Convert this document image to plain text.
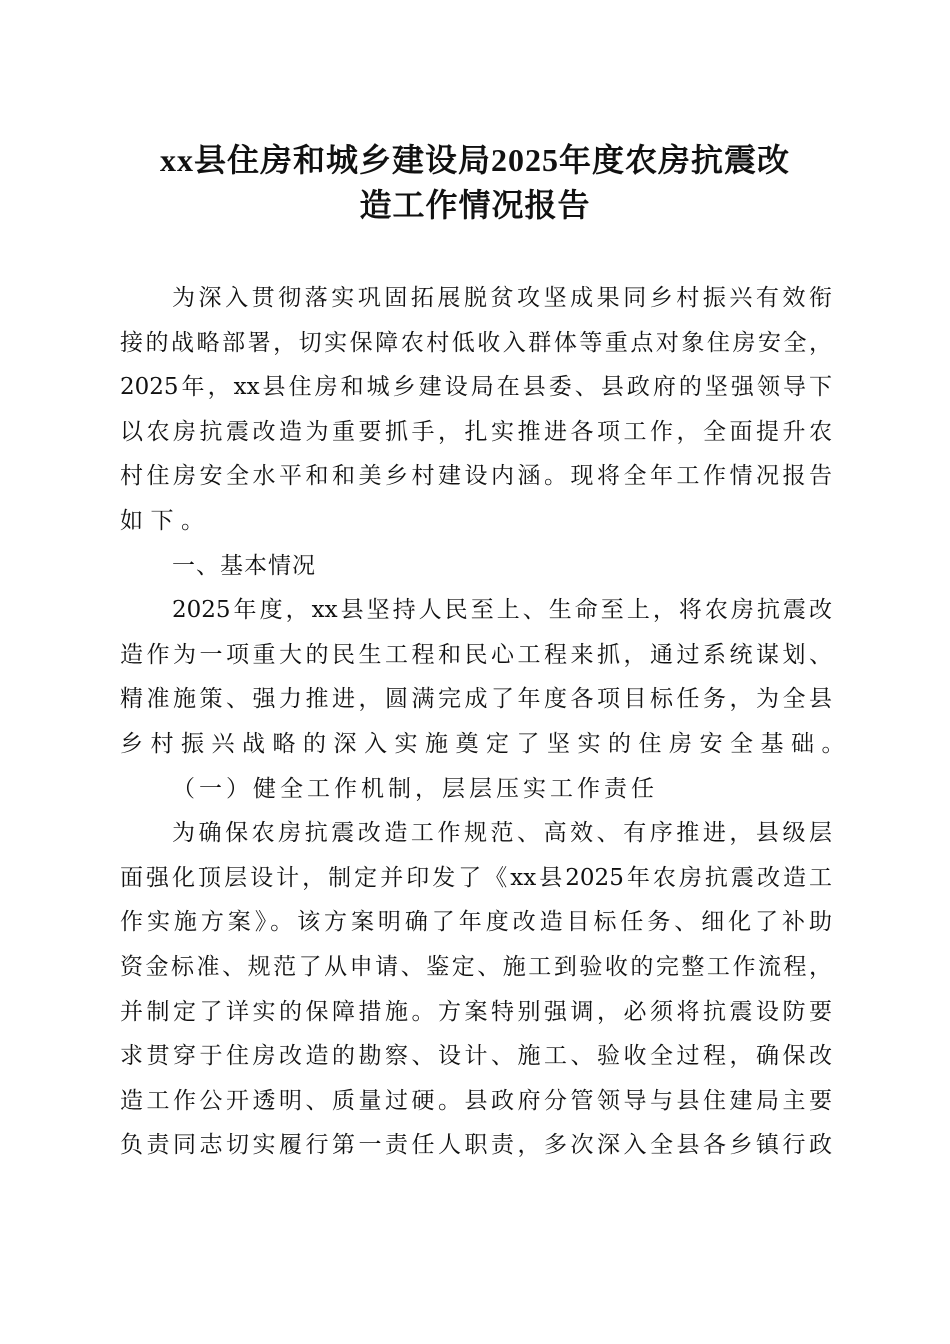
xx县住房和城乡建设局2025年度农房抗震改
造工作情况报告
为深入贯彻落实巩固拓展脱贫攻坚成果同乡村振兴有效衔
接的战略部署，切实保障农村低收入群体等重点对象住房安全，
2025年，xx县住房和城乡建设局在县委、县政府的坚强领导下
以农房抗震改造为重要抓手，扎实推进各项工作，全面提升农
村住房安全水平和和美乡村建设内涵。现将全年工作情况报告
如下。
一、基本情况
2025年度，xx县坚持人民至上、生命至上，将农房抗震改
造作为一项重大的民生工程和民心工程来抓，通过系统谋划、
精准施策、强力推进，圆满完成了年度各项目标任务，为全县
乡村振兴战略的深入实施奠定了坚实的住房安全基础。
（一）健全工作机制，层层压实工作责任
为确保农房抗震改造工作规范、高效、有序推进，县级层
面强化顶层设计，制定并印发了《xx县2025年农房抗震改造工
作实施方案》。该方案明确了年度改造目标任务、细化了补助
资金标准、规范了从申请、鉴定、施工到验收的完整工作流程，
并制定了详实的保障措施。方案特别强调，必须将抗震设防要
求贯穿于住房改造的勘察、设计、施工、验收全过程，确保改
造工作公开透明、质量过硬。县政府分管领导与县住建局主要
负责同志切实履行第一责任人职责，多次深入全县各乡镇行政
